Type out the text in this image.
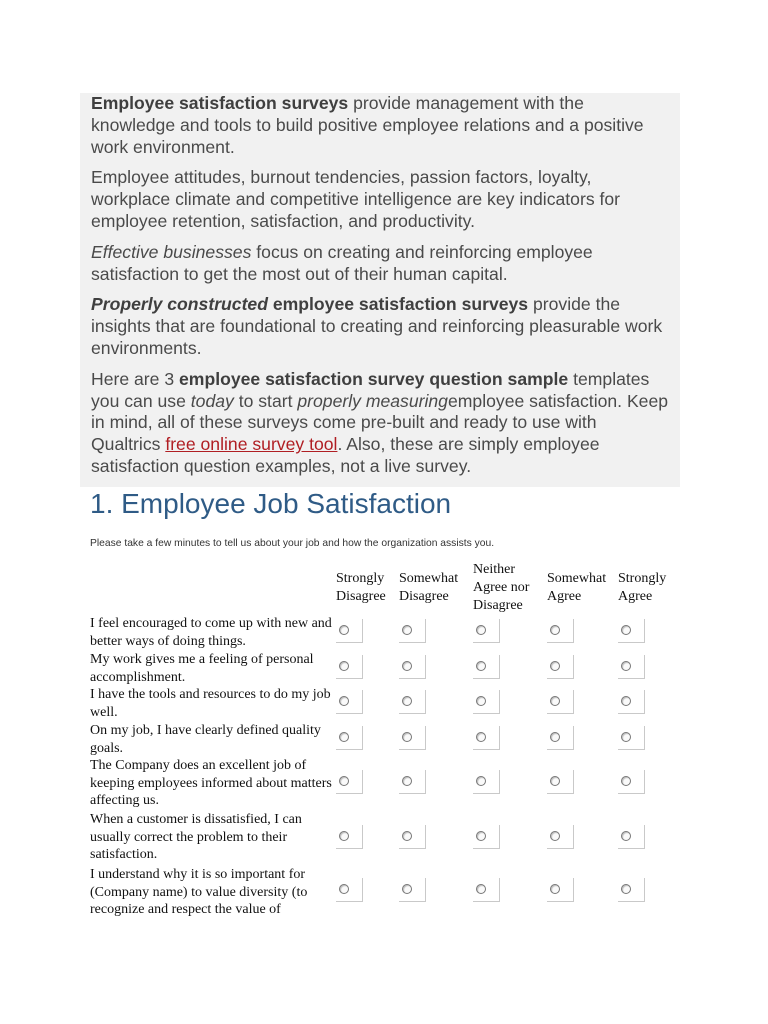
Employee satisfaction surveys provide management with the knowledge and tools to build positive employee relations and a positive work environment.

Employee attitudes, burnout tendencies, passion factors, loyalty, workplace climate and competitive intelligence are key indicators for employee retention, satisfaction, and productivity.

Effective businesses focus on creating and reinforcing employee satisfaction to get the most out of their human capital.

Properly constructed employee satisfaction surveys provide the insights that are foundational to creating and reinforcing pleasurable work environments.

Here are 3 employee satisfaction survey question sample templates you can use today to start properly measuringemployee satisfaction. Keep in mind, all of these surveys come pre-built and ready to use with Qualtrics free online survey tool. Also, these are simply employee satisfaction question examples, not a live survey.

1. Employee Job Satisfaction

Please take a few minutes to tell us about your job and how the organization assists you.

Strongly
Disagree
Somewhat
Disagree
Neither
Agree nor
Disagree
Somewhat
Agree
Strongly
Agree
I feel encouraged to come up with new and better ways of doing things.
My work gives me a feeling of personal accomplishment.
I have the tools and resources to do my job well.
On my job, I have clearly defined quality goals.
The Company does an excellent job of keeping employees informed about matters affecting us.
When a customer is dissatisfied, I can usually correct the problem to their satisfaction.
I understand why it is so important for (Company name) to value diversity (to recognize and respect the value of
